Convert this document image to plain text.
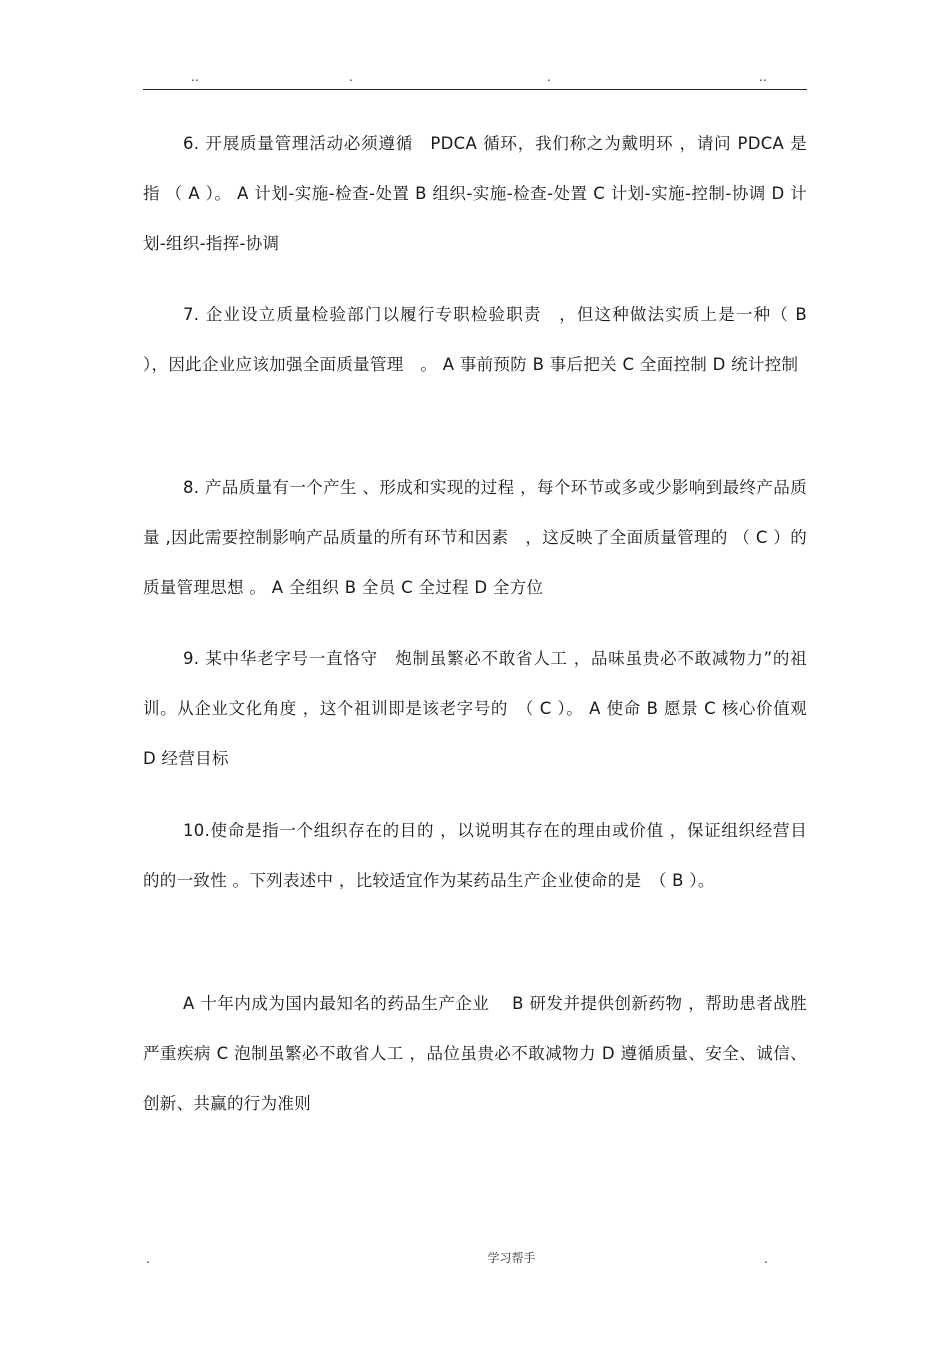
..	.	.	..

6. 开展质量管理活动必须遵循　PDCA 循环，我们称之为戴明环 ，请问 PDCA 是指 （ A ）。 A 计划-实施-检查-处置 B 组织-实施-检查-处置 C 计划-实施-控制-协调 D 计划-组织-指挥-协调

7. 企业设立质量检验部门以履行专职检验职责　，但这种做法实质上是一种（ B ），因此企业应该加强全面质量管理　。 A 事前预防 B 事后把关 C 全面控制 D 统计控制

8. 产品质量有一个产生 、形成和实现的过程 ，每个环节或多或少影响到最终产品质量 ,因此需要控制影响产品质量的所有环节和因素　，这反映了全面质量管理的 （ C ）的质量管理思想 。 A 全组织 B 全员 C 全过程 D 全方位

9. 某中华老字号一直恪守　炮制虽繁必不敢省人工 ，品味虽贵必不敢减物力”的祖训。从企业文化角度 ，这个祖训即是该老字号的　（ C ）。 A 使命 B 愿景 C 核心价值观 D 经营目标

10.使命是指一个组织存在的目的 ，以说明其存在的理由或价值 ，保证组织经营目的的一致性 。下列表述中 ，比较适宜作为某药品生产企业使命的是　（ B ）。

A 十年内成为国内最知名的药品生产企业　 B 研发并提供创新药物 ，帮助患者战胜严重疾病 C 泡制虽繁必不敢省人工 ，品位虽贵必不敢减物力 D 遵循质量、安全、诚信、创新、共赢的行为准则

.	学习帮手	.
